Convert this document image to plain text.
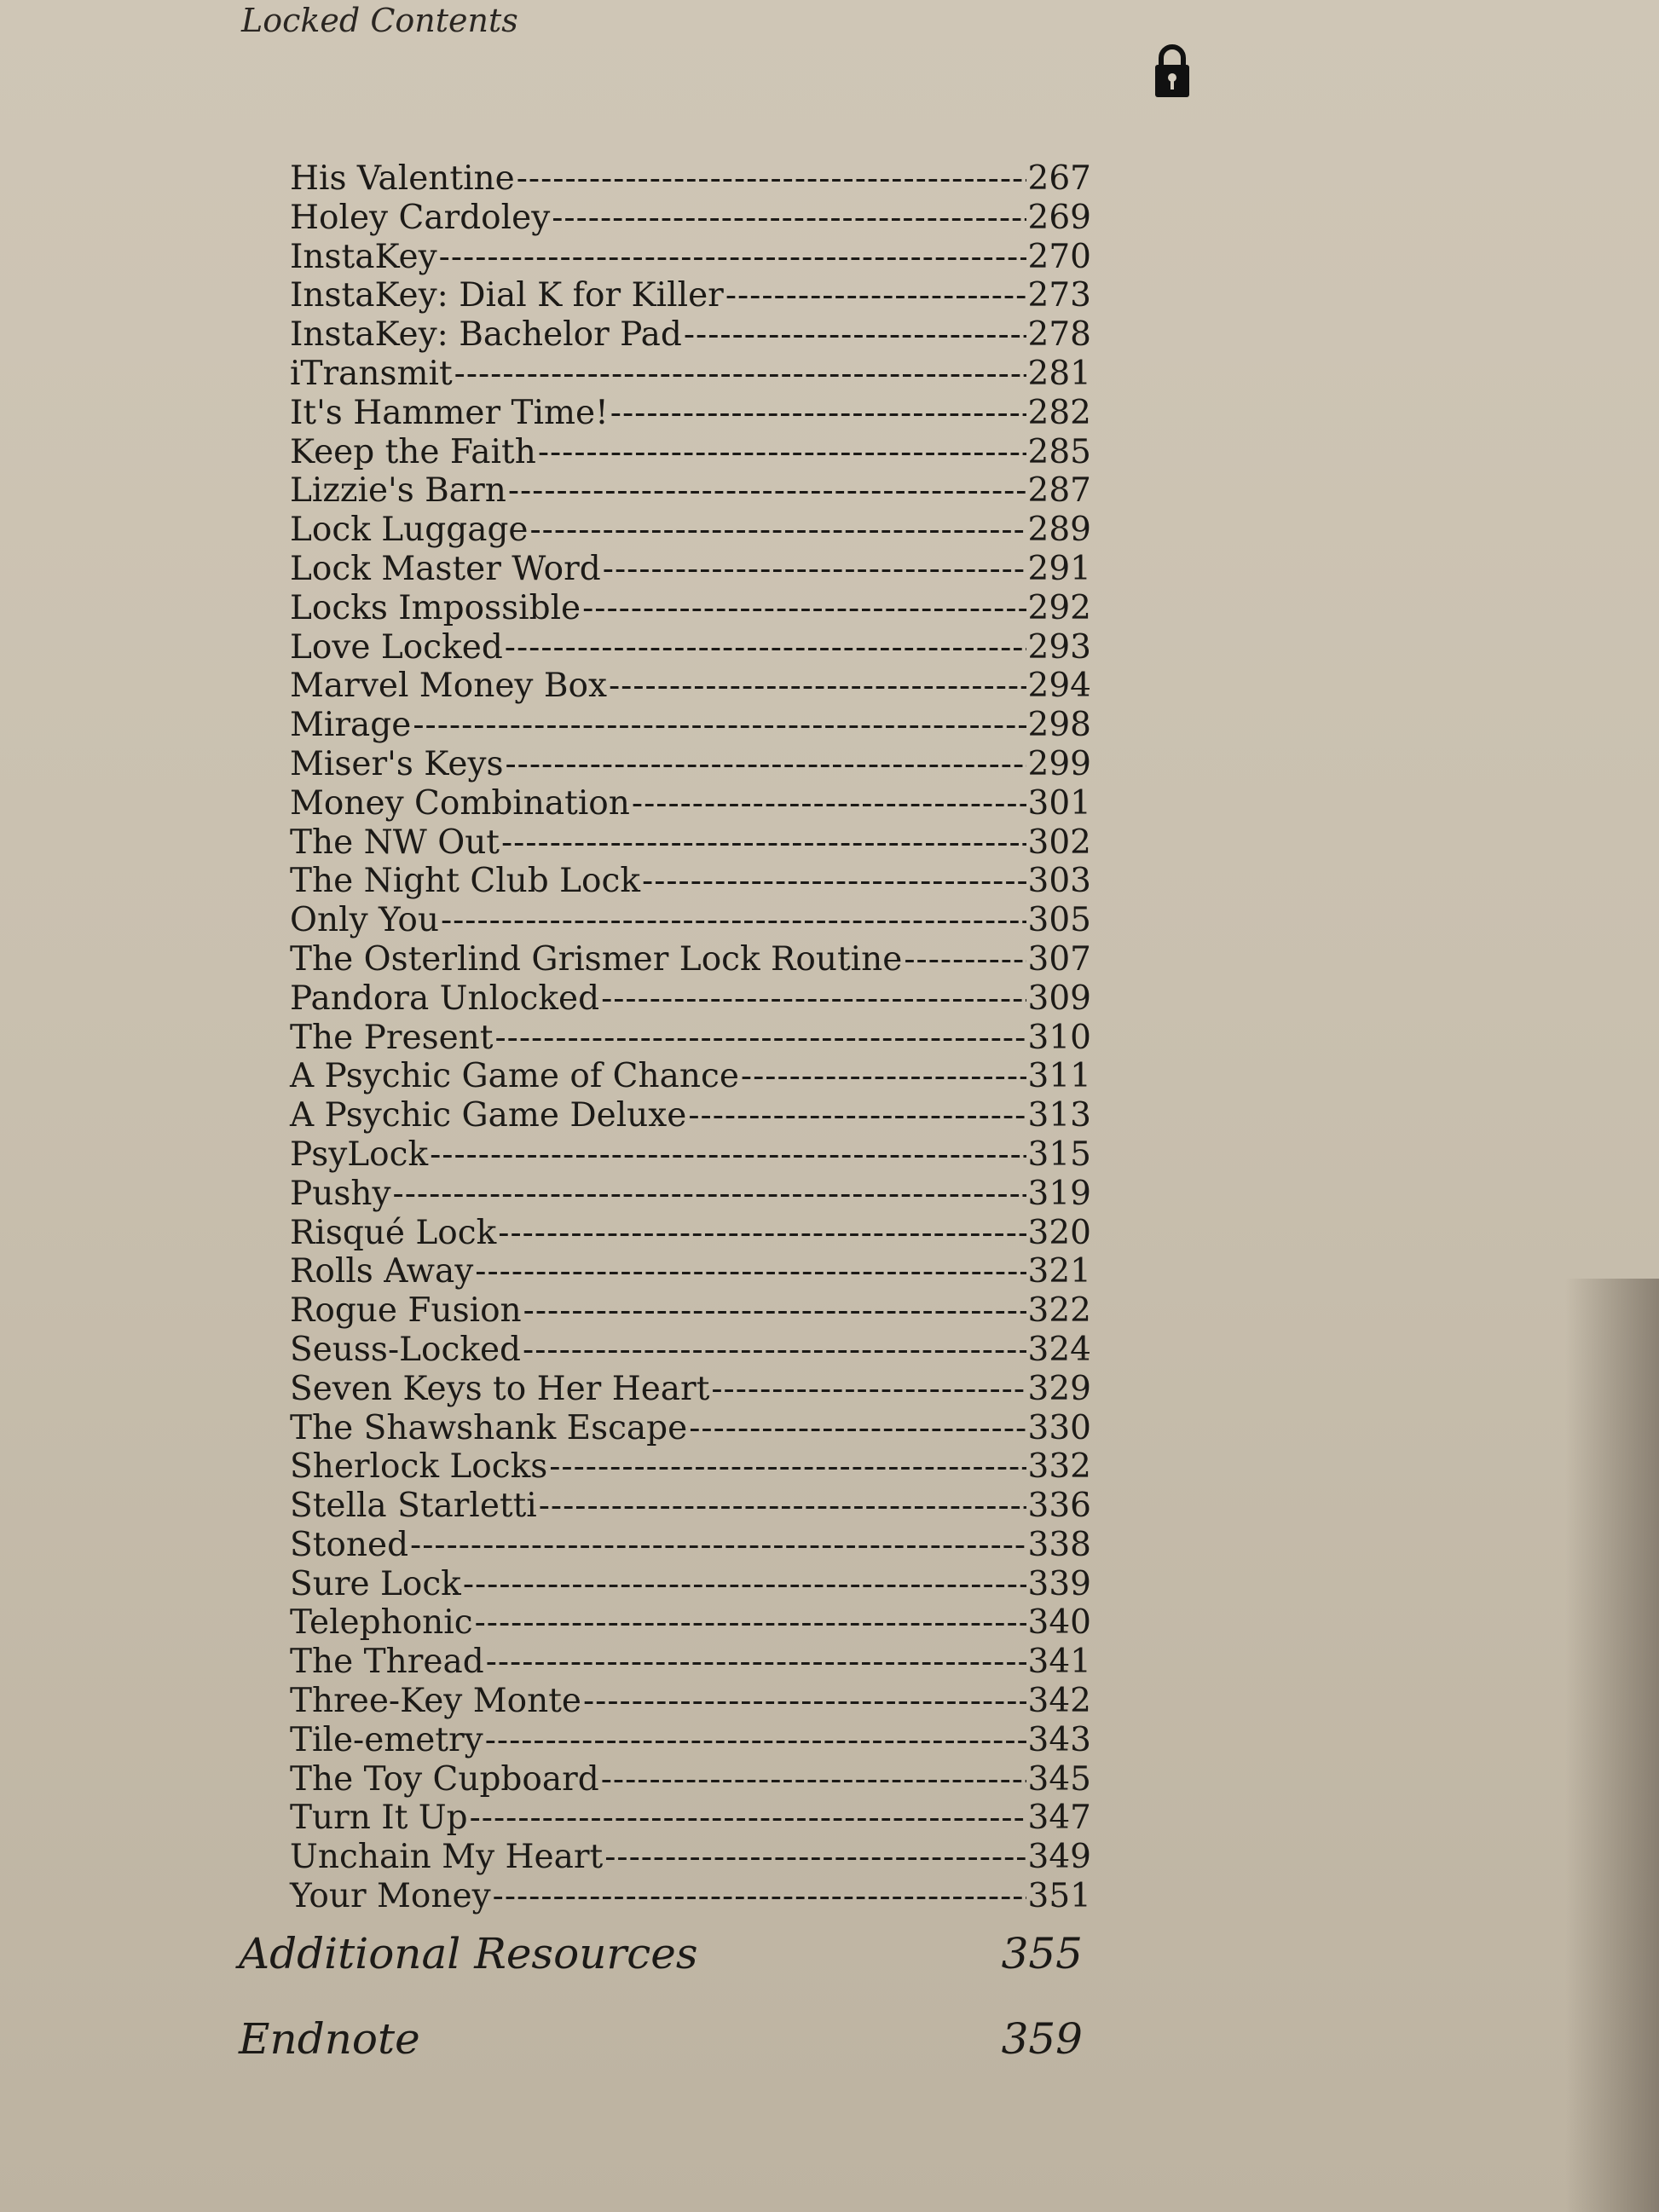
Locked Contents
His Valentine -----	267
Holey Cardoley -----	269
InstaKey -----	270
InstaKey: Dial K for Killer -----	273
InstaKey: Bachelor Pad -----	278
iTransmit -----	281
It's Hammer Time! -----	282
Keep the Faith -----	285
Lizzie's Barn -----	287
Lock Luggage -----	289
Lock Master Word -----	291
Locks Impossible -----	292
Love Locked -----	293
Marvel Money Box -----	294
Mirage -----	298
Miser's Keys -----	299
Money Combination -----	301
The NW Out -----	302
The Night Club Lock -----	303
Only You -----	305
The Osterlind Grismer Lock Routine -----	307
Pandora Unlocked -----	309
The Present -----	310
A Psychic Game of Chance -----	311
A Psychic Game Deluxe -----	313
PsyLock -----	315
Pushy -----	319
Risqué Lock -----	320
Rolls Away -----	321
Rogue Fusion -----	322
Seuss-Locked -----	324
Seven Keys to Her Heart -----	329
The Shawshank Escape -----	330
Sherlock Locks -----	332
Stella Starletti -----	336
Stoned -----	338
Sure Lock -----	339
Telephonic -----	340
The Thread -----	341
Three-Key Monte -----	342
Tile-emetry -----	343
The Toy Cupboard -----	345
Turn It Up -----	347
Unchain My Heart -----	349
Your Money -----	351
Additional Resources	355
Endnote	359
